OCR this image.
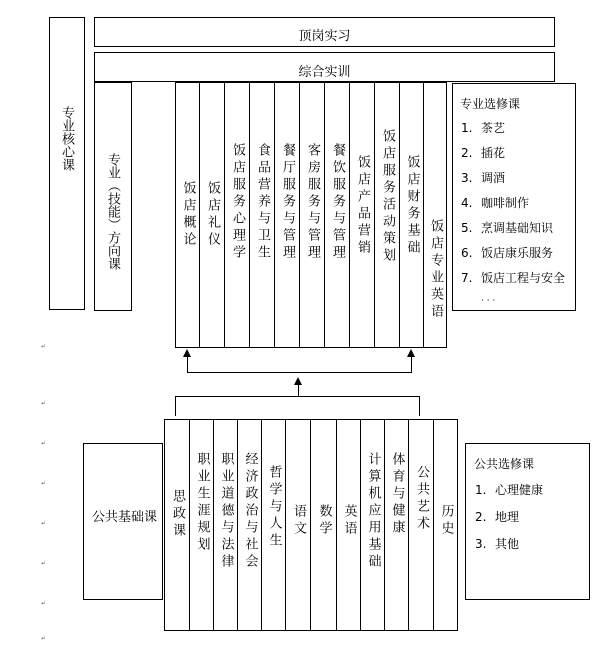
顶岗实习
综合实训
专业核心课
专业（技能）方向课	饭店概论 饭店礼仪 饭店服务心理学 食品营养与卫生 餐厅服务与管理 客房服务与管理 餐饮服务与管理 饭店产品营销 饭店服务活动策划 饭店财务基础
饭店专业英语
专业选修课
1. 茶艺
2. 插花
3. 调酒
4. 咖啡制作
5. 烹调基础知识
6. 饭店康乐服务
7. 饭店工程与安全
· · ·
公共基础课 思政课 职业生涯规划 职业道德与法律 经济政治与社会 哲学与人生 语文 数学 英语 计算机应用基础 体育与健康 公共艺术 历史
公共选修课
1. 心理健康
2. 地理
3. 其他
↵
↵
↵
↵
↵
↵
↵
↵
